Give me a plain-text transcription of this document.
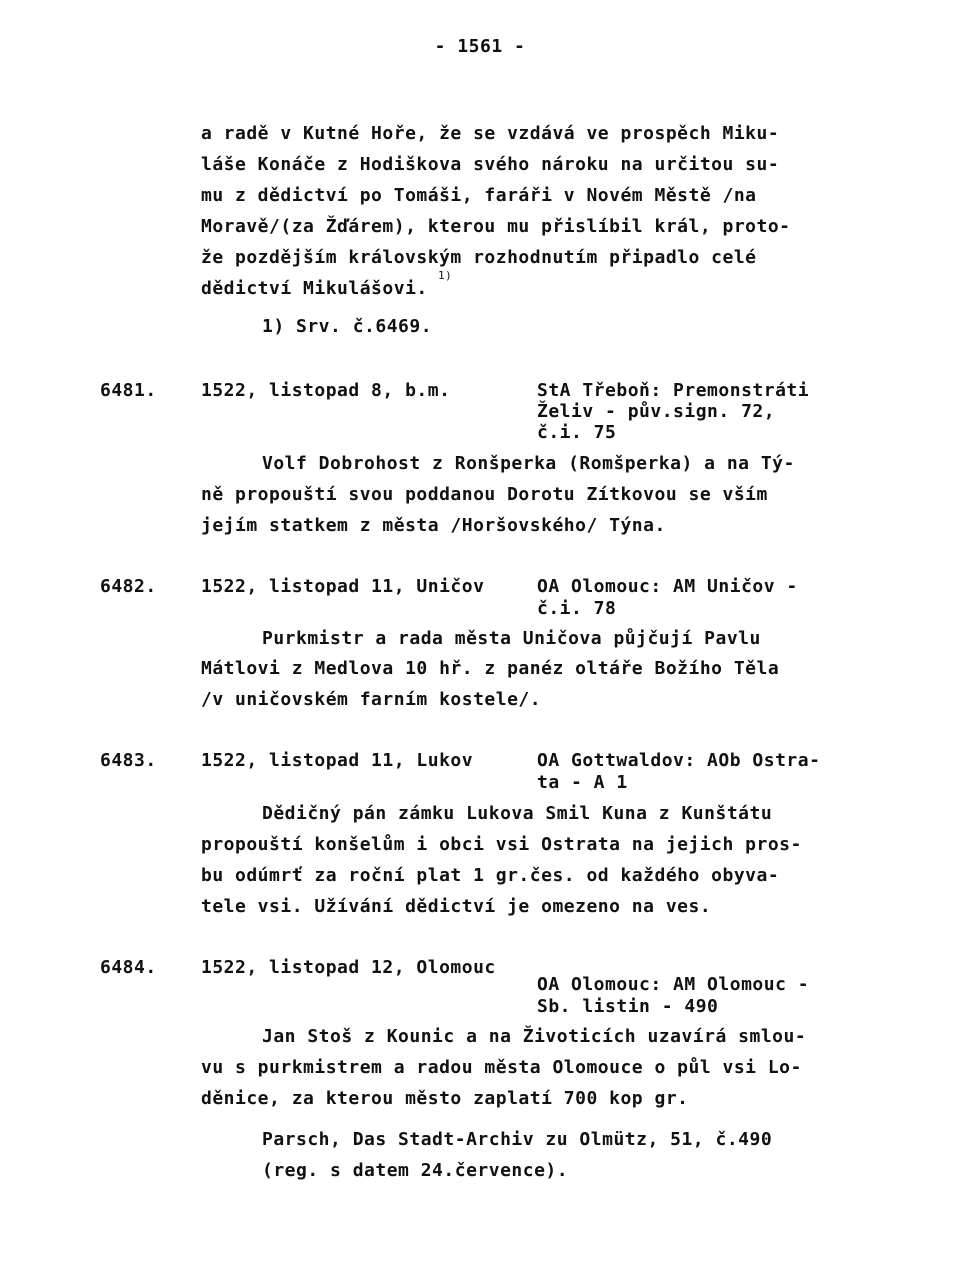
- 1561 -
a radě v Kutné Hoře, že se vzdává ve prospěch Miku-
láše Konáče z Hodiškova svého nároku na určitou su-
mu z dědictví po Tomáši, faráři v Novém Městě /na
Moravě/(za Žďárem), kterou mu přislíbil král, proto-
že pozdějším královským rozhodnutím připadlo celé
dědictví Mikulášovi.
1)
1) Srv. č.6469.
6481. 1522, listopad 8, b.m.	StA Třeboň: Premonstráti
Želiv - pův.sign. 72,
č.i. 75
Volf Dobrohost z Ronšperka (Romšperka) a na Tý-
ně propouští svou poddanou Dorotu Zítkovou se vším
jejím statkem z města /Horšovského/ Týna.
6482. 1522, listopad 11, Uničov	OA Olomouc: AM Uničov -
č.i. 78
Purkmistr a rada města Uničova půjčují Pavlu
Mátlovi z Medlova 10 hř. z panéz oltáře Božího Těla
/v uničovském farním kostele/.
6483. 1522, listopad 11, Lukov	OA Gottwaldov: AOb Ostra-
ta - A 1
Dědičný pán zámku Lukova Smil Kuna z Kunštátu
propouští konšelům i obci vsi Ostrata na jejich pros-
bu odúmrť za roční plat 1 gr.čes. od každého obyva-
tele vsi. Užívání dědictví je omezeno na ves.
6484. 1522, listopad 12, Olomouc
OA Olomouc: AM Olomouc -
Sb. listin - 490
Jan Stoš z Kounic a na Životicích uzavírá smlou-
vu s purkmistrem a radou města Olomouce o půl vsi Lo-
děnice, za kterou město zaplatí 700 kop gr.
Parsch, Das Stadt-Archiv zu Olmütz, 51, č.490
(reg. s datem 24.července).
